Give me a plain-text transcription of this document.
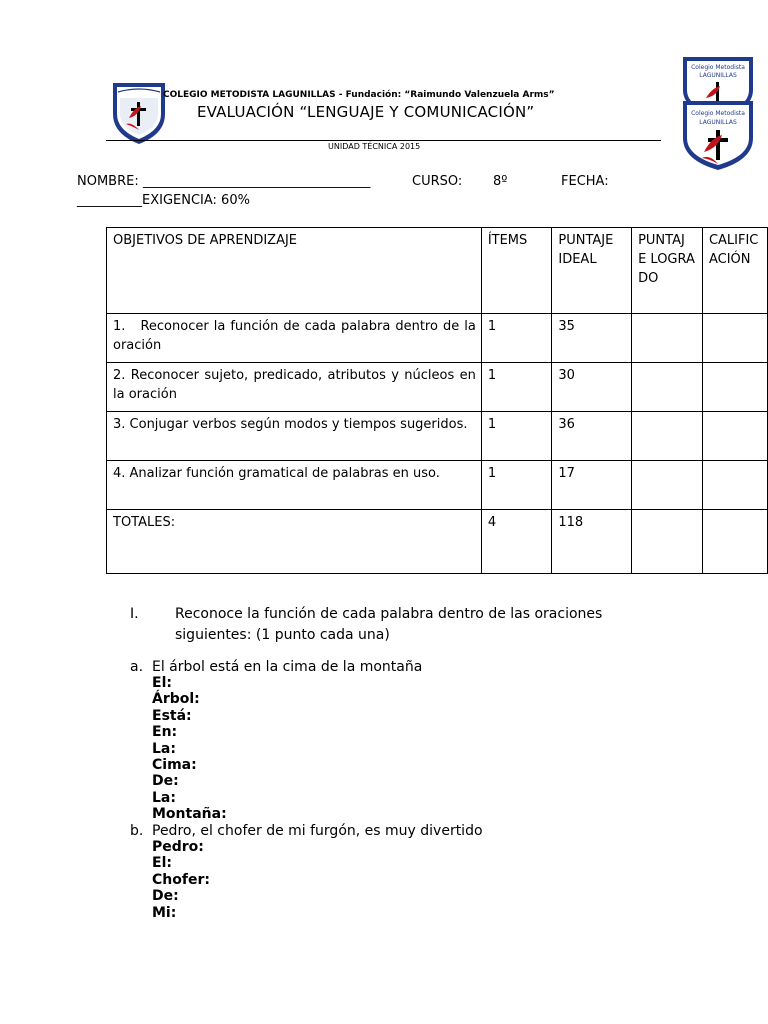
Colegio Metodista
LAGUNILLAS
Colegio Metodista
LAGUNILLAS
COLEGIO METODISTA LAGUNILLAS - Fundación: “Raimundo Valenzuela Arms”
EVALUACIÓN “LENGUAJE Y COMUNICACIÓN”
UNIDAD TÉCNICA 2015
NOMBRE: ___________________________________	CURSO: 8º	FECHA:
__________EXIGENCIA: 60%
OBJETIVOS DE APRENDIZAJE	ÍTEMS	PUNTAJE IDEAL	PUNTAJ E LOGRA DO	CALIFICACIÓN
1.   Reconocer la función de cada palabra dentro de la oración	1	35		
2. Reconocer sujeto, predicado, atributos y núcleos en la oración	1	30		
3. Conjugar verbos según modos y tiempos sugeridos.	1	36		
4. Analizar función gramatical de palabras en uso.	1	17		
TOTALES:	4	118		
I.	Reconoce la función de cada palabra dentro de las oraciones siguientes: (1 punto cada una)
a. El árbol está en la cima de la montaña
El:
Árbol:
Está:
En:
La:
Cima:
De:
La:
Montaña:
b. Pedro, el chofer de mi furgón, es muy divertido
Pedro:
El:
Chofer:
De:
Mi:
